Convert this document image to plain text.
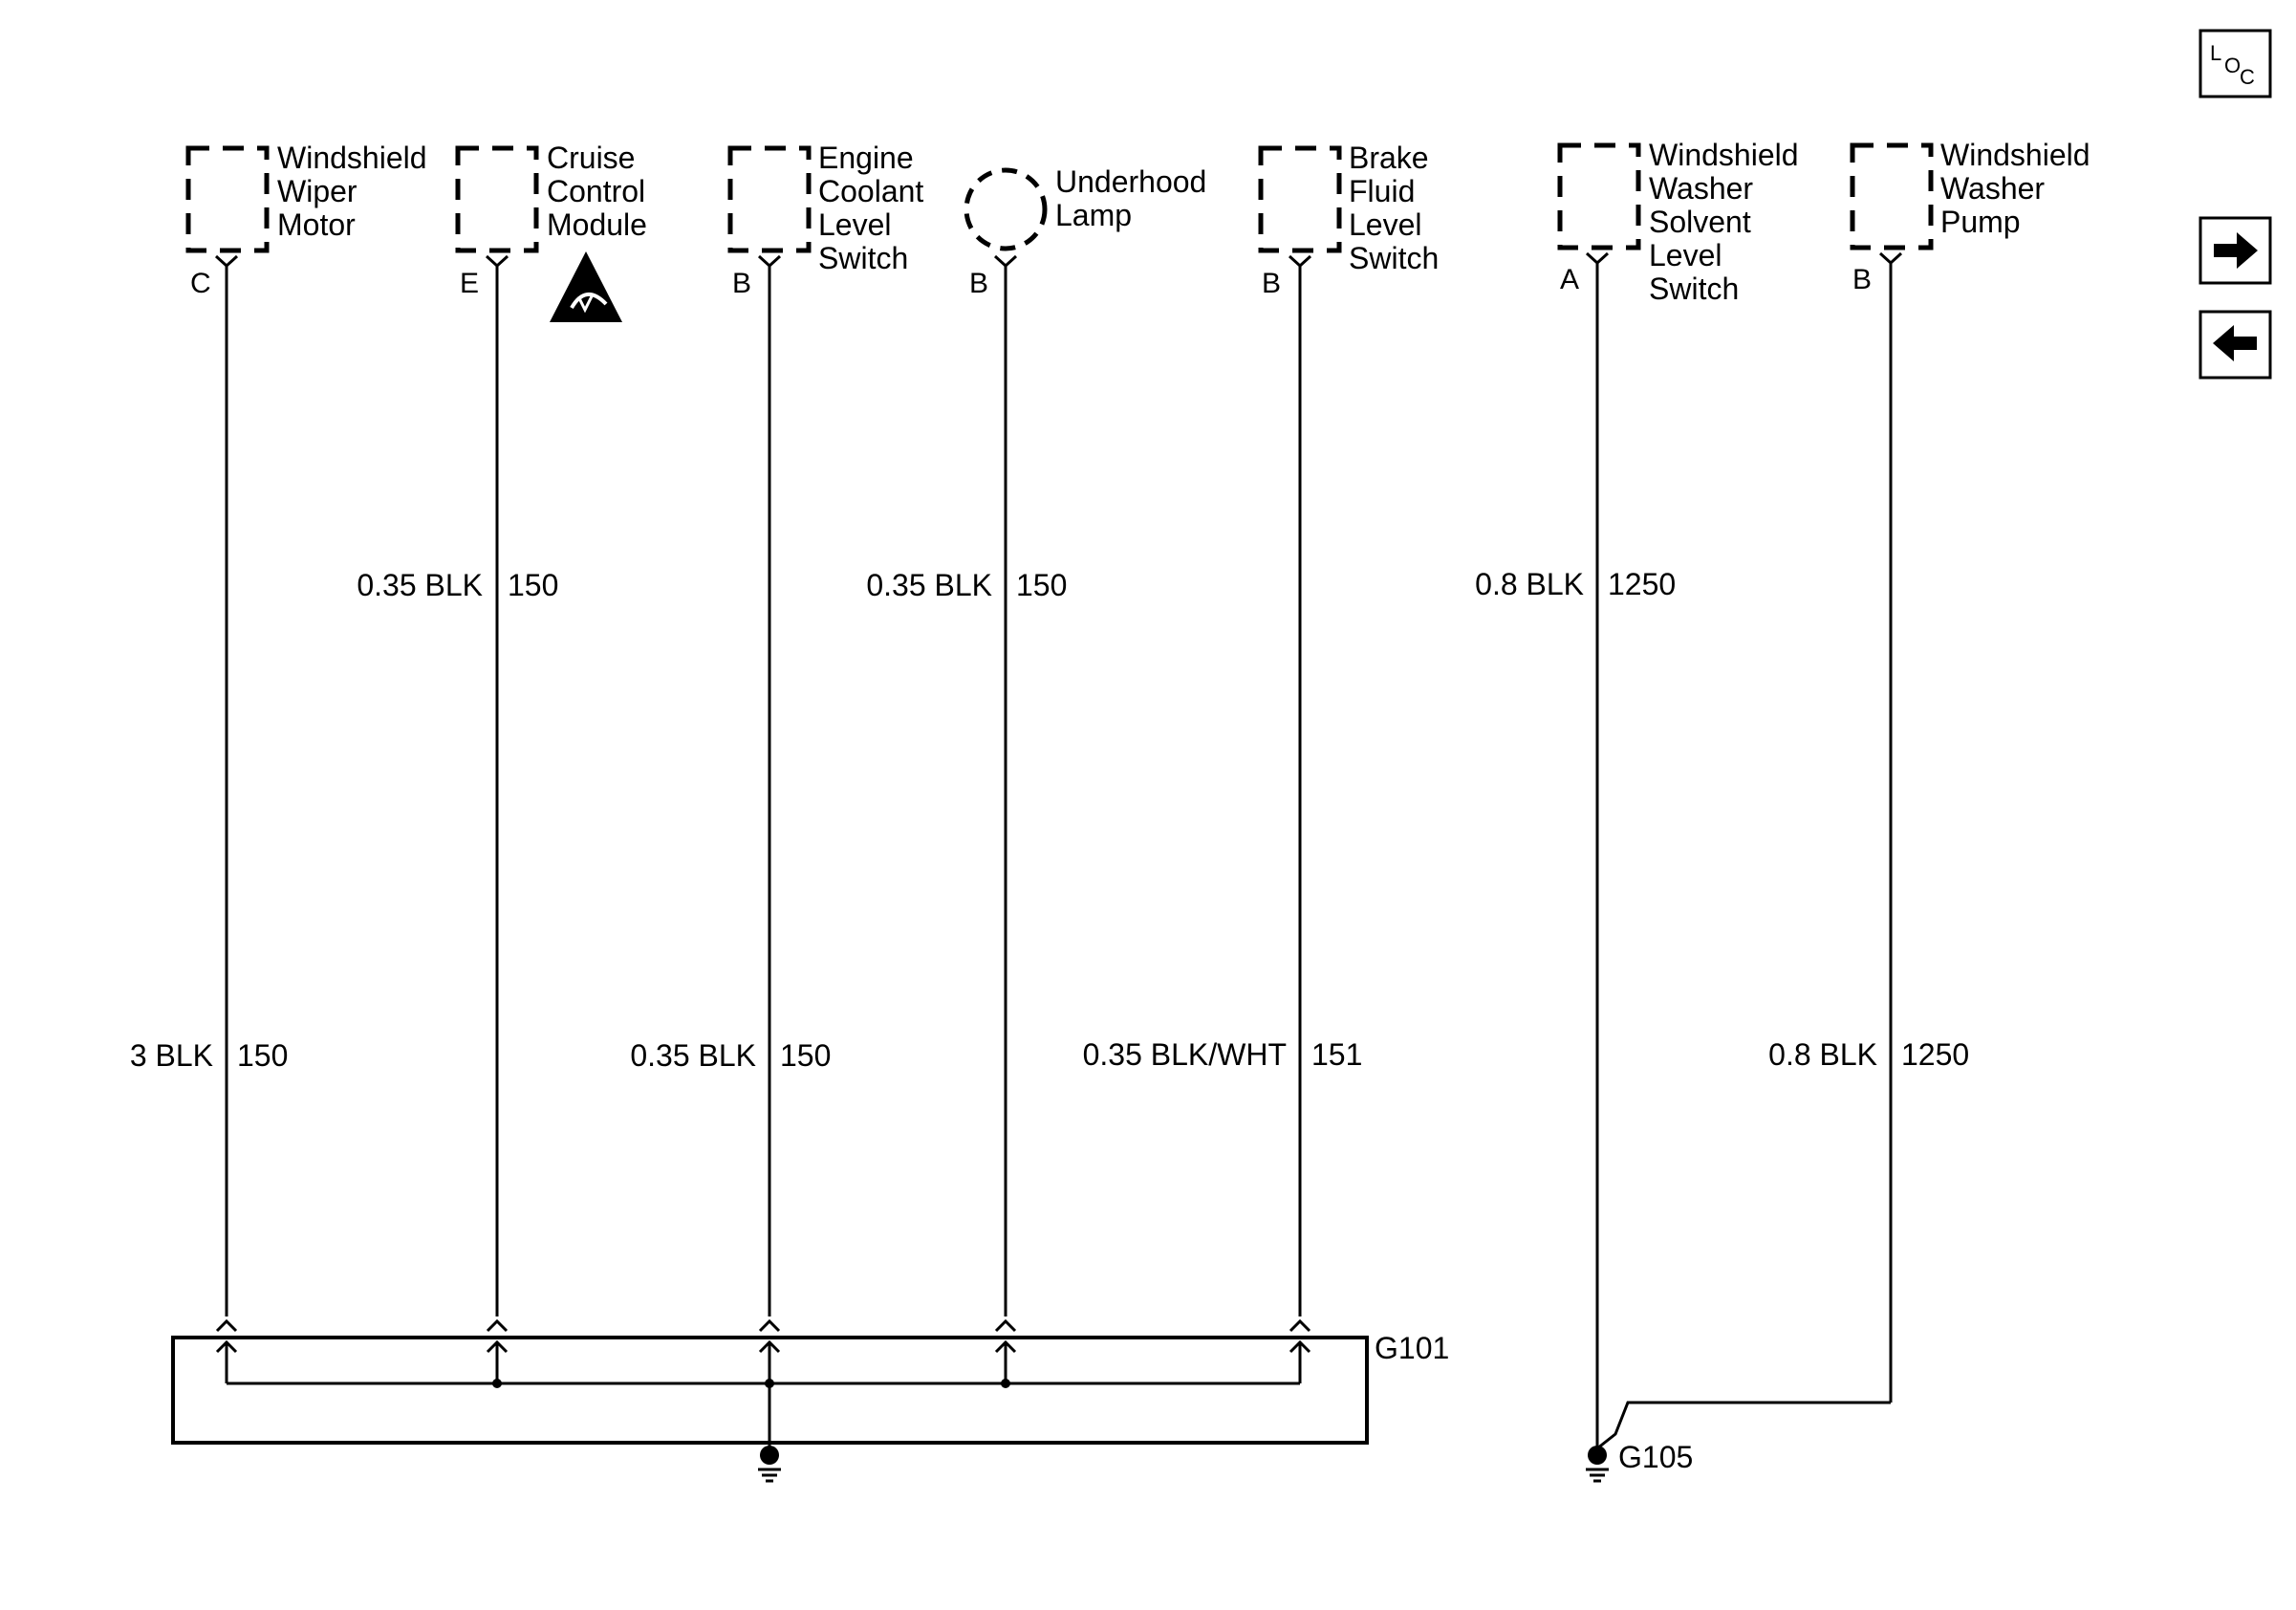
L
O
C
Windshield
Wiper
Motor
C
Cruise
Control
Module
E
Engine
Coolant
Level
Switch
B
Underhood
Lamp
B
Brake
Fluid
Level
Switch
B
Windshield
Washer
Solvent
Level
Switch
A
Windshield
Washer
Pump
B
0.35 BLK 150	0.35 BLK 150	0.8 BLK 1250
3 BLK 150	0.35 BLK 150	0.35 BLK/WHT 151	0.8 BLK 1250
G101
G105
